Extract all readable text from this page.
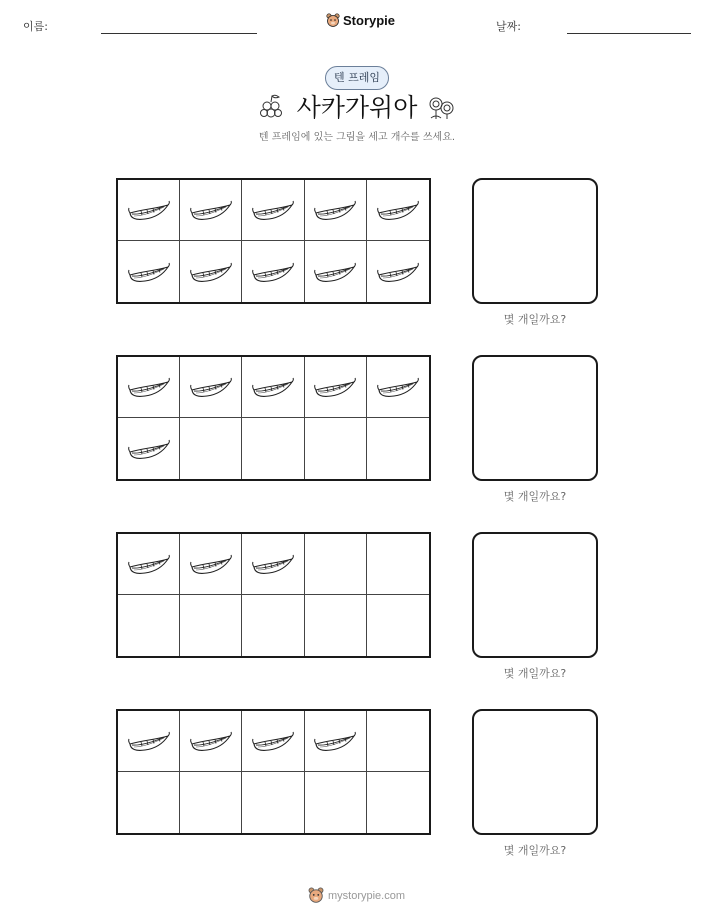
이름:	Storypie	날짜:
텐 프레임
사카가위아
텐 프레임에 있는 그림을 세고 개수를 쓰세요.
몇 개일까요?
몇 개일까요?
몇 개일까요?
몇 개일까요?
mystorypie.com
